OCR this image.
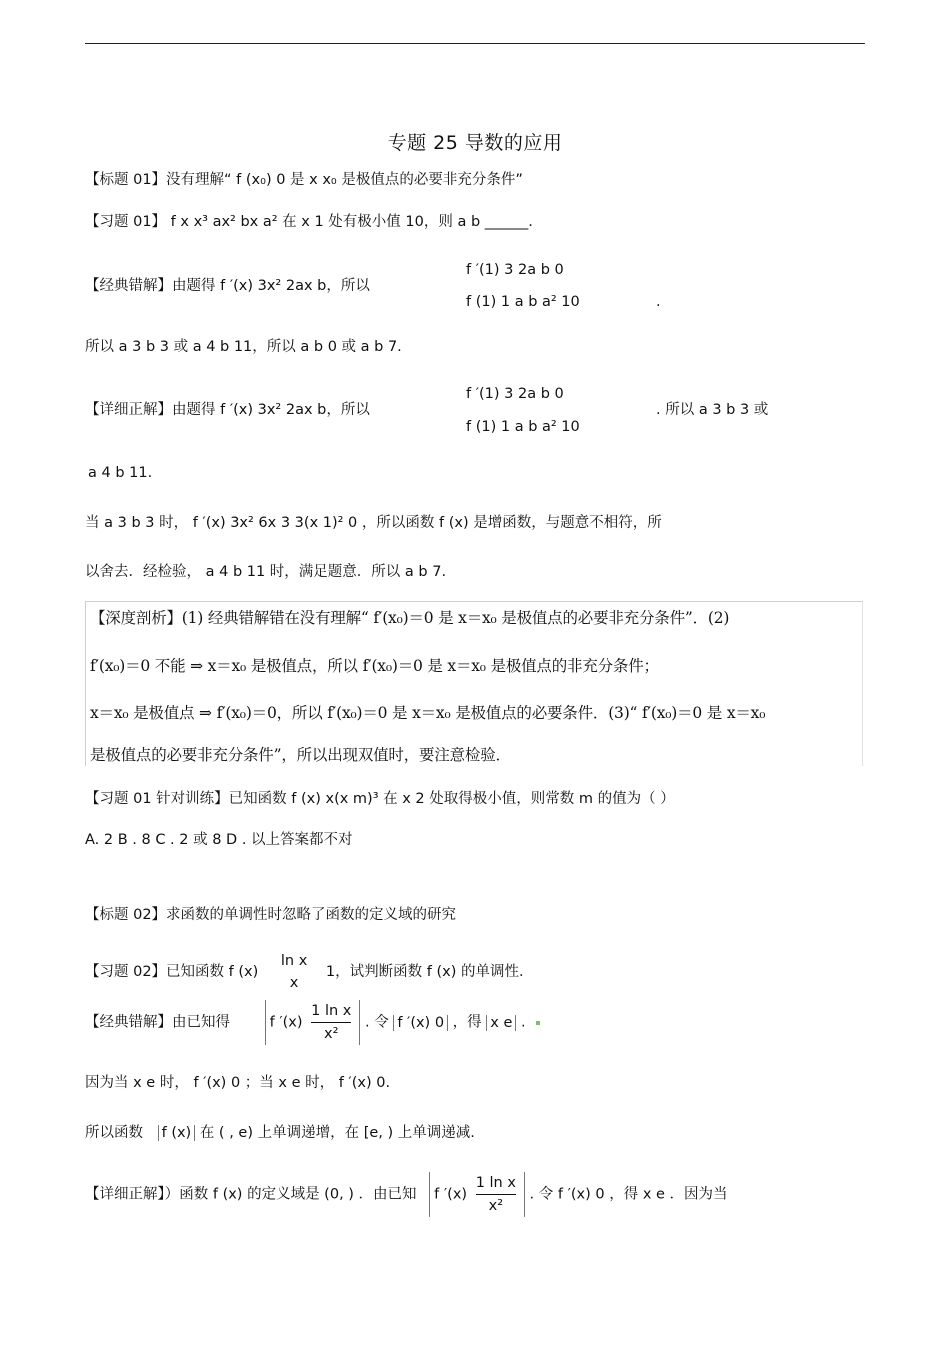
专题 25 导数的应用
【标题 01】没有理解“ f (x₀) 0 是 x x₀ 是极值点的必要非充分条件”
【习题 01】 f x x³ ax² bx a² 在 x 1 处有极小值 10，则 a b ______.
【经典错解】由题得 f ′(x) 3x² 2ax b，所以
f ′(1) 3 2a b 0
f (1) 1 a b a² 10	.
所以 a 3 b 3 或 a 4 b 11，所以 a b 0 或 a b 7.
【详细正解】由题得 f ′(x) 3x² 2ax b，所以
f ′(1) 3 2a b 0
f (1) 1 a b a² 10
. 所以 a 3 b 3 或
a 4 b 11.
当 a 3 b 3 时， f ′(x) 3x² 6x 3 3(x 1)² 0 ，所以函数 f (x) 是增函数，与题意不相符，所
以舍去．经检验， a 4 b 11 时，满足题意．所以 a b 7.
【深度剖析】(1) 经典错解错在没有理解“ f′(x₀)＝0 是 x＝x₀ 是极值点的必要非充分条件”．(2)
f′(x₀)＝0 不能 ⇒ x＝x₀ 是极值点，所以 f′(x₀)＝0 是 x＝x₀ 是极值点的非充分条件；
x＝x₀ 是极值点 ⇒ f′(x₀)＝0，所以 f′(x₀)＝0 是 x＝x₀ 是极值点的必要条件．(3)“ f′(x₀)＝0 是 x＝x₀
是极值点的必要非充分条件”，所以出现双值时，要注意检验．
【习题 01 针对训练】已知函数 f (x) x(x m)³ 在 x 2 处取得极小值，则常数 m 的值为（ ）
A. 2 B . 8 C . 2 或 8 D . 以上答案都不对
【标题 02】求函数的单调性时忽略了函数的定义域的研究
【习题 02】已知函数 f (x)
ln x
x
1，试判断函数 f (x) 的单调性．
【经典错解】由已知得	f $'(x) \frac{\text{1 ln x}}{\text{x²}}$ . 令 f ′(x) 0 ，得 x e .
因为当 x e 时， f ′(x) 0 ；当 x e 时， f ′(x) 0.
所以函数 f (x) 在 ( , e) 上单调递增，在 [e, ) 上单调递减.
【详细正解】）函数 f (x) 的定义域是 (0, ) ．由已知 f $'(x) \frac{\text{1 ln x}}{\text{x²}}$ . 令 f ′(x) 0 ，得 x e ．因为当
